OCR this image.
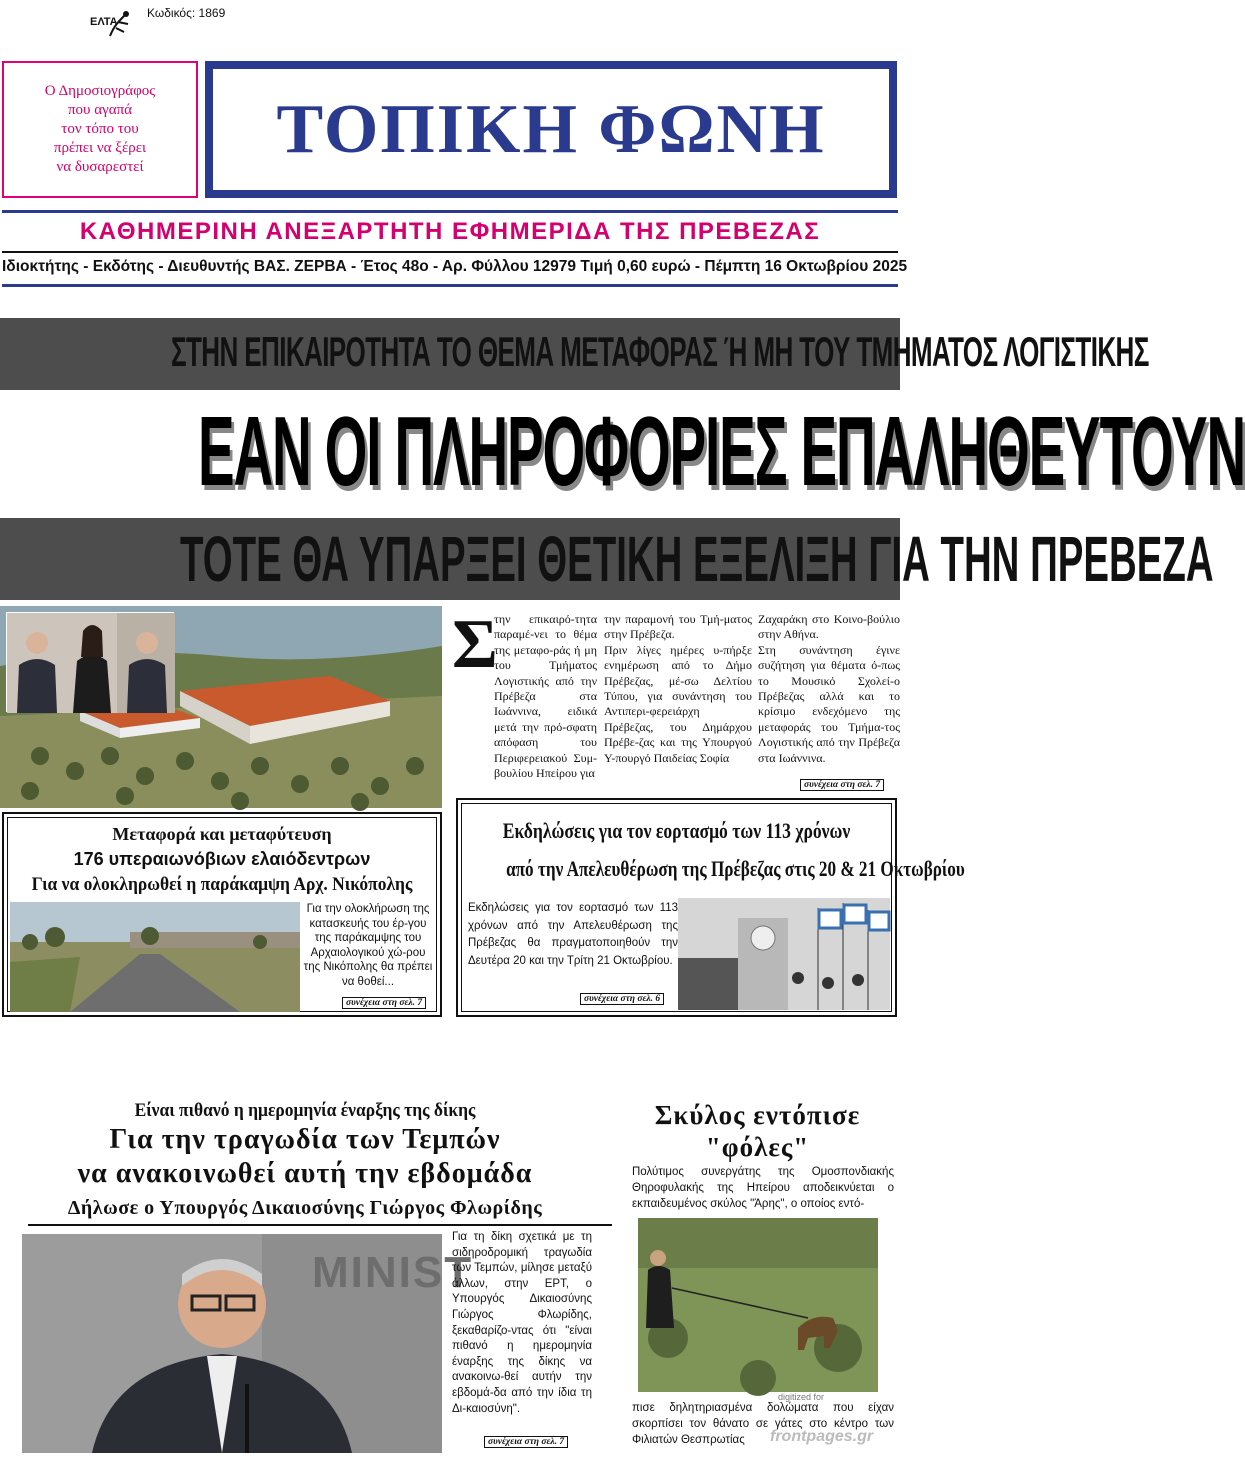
ΕΛΤΑ
Κωδικός: 1869
Ο Δημοσιογράφος
που αγαπά
τον τόπο του
πρέπει να ξέρει
να δυσαρεστεί ΤΟΠΙΚΗ ΦΩΝΗ
ΚΑΘΗΜΕΡΙΝΗ ΑΝΕΞΑΡΤΗΤΗ ΕΦΗΜΕΡΙΔΑ ΤΗΣ ΠΡΕΒΕΖΑΣ
Ιδιοκτήτης - Εκδότης - Διευθυντής ΒΑΣ. ΖΕΡΒΑ - Έτος 48ο - Αρ. Φύλλου 12979 Τιμή 0,60 ευρώ - Πέμπτη 16 Οκτωβρίου 2025
ΣΤΗΝ ΕΠΙΚΑΙΡΟΤΗΤΑ ΤΟ ΘΕΜΑ ΜΕΤΑΦΟΡΑΣ Ή ΜΗ ΤΟΥ ΤΜΗΜΑΤΟΣ ΛΟΓΙΣΤΙΚΗΣ
ΕΑΝ ΟΙ ΠΛΗΡΟΦΟΡΙΕΣ ΕΠΑΛΗΘΕΥΤΟΥΝ
ΤΟΤΕ ΘΑ ΥΠΑΡΞΕΙ ΘΕΤΙΚΗ ΕΞΕΛΙΞΗ ΓΙΑ ΤΗΝ ΠΡΕΒΕΖΑ
Σ
την επικαιρό-τητα παραμέ-νει το θέμα της μεταφο-ράς ή μη του Τμήματος Λογιστικής από την Πρέβεζα στα Ιωάννινα, ειδικά μετά την πρό-σφατη απόφαση του Περιφερειακού Συμ-βουλίου Ηπείρου για
την παραμονή του Τμή-ματος στην Πρέβεζα.
Πριν λίγες ημέρες υ-πήρξε ενημέρωση από το Δήμο Πρέβεζας, μέ-σω Δελτίου Τύπου, για συνάντηση του Αντιπερι-φερειάρχη Πρέβεζας, του Δημάρχου Πρέβε-ζας και της Υπουργού Υ-πουργό Παιδείας Σοφία
Ζαχαράκη στο Κοινο-βούλιο στην Αθήνα.
Στη συνάντηση έγινε συζήτηση για θέματα ό-πως το Μουσικό Σχολεί-ο Πρέβεζας αλλά και το κρίσιμο ενδεχόμενο της μεταφοράς του Τμήμα-τος Λογιστικής από την Πρέβεζα στα Ιωάννινα.
συνέχεια στη σελ. 7
Μεταφορά και μεταφύτευση
176 υπεραιωνόβιων ελαιόδεντρων
Για να ολοκληρωθεί η παράκαμψη Αρχ. Νικόπολης
Για την ολοκλήρωση της κατασκευής του έρ-γου της παράκαμψης του Αρχαιολογικού χώ-ρου της Νικόπολης θα πρέπει να θοθεί...
συνέχεια στη σελ. 7
Εκδηλώσεις για τον εορτασμό των 113 χρόνων
από την Απελευθέρωση της Πρέβεζας στις 20 & 21 Οκτωβρίου
Εκδηλώσεις για τον εορτασμό των 113 χρόνων από την Απελευθέρωση της Πρέβεζας θα πραγματοποιηθούν την Δευτέρα 20 και την Τρίτη 21 Οκτωβρίου.
συνέχεια στη σελ. 6
Είναι πιθανό η ημερομηνία έναρξης της δίκης
Για την τραγωδία των Τεμπών
να ανακοινωθεί αυτή την εβδομάδα
Δήλωσε ο Υπουργός Δικαιοσύνης Γιώργος Φλωρίδης
MINIST
Για τη δίκη σχετικά με τη σιδηροδρομική τραγωδία των Τεμπών, μίλησε μεταξύ άλλων, στην ΕΡΤ, ο Υπουργός Δικαιοσύνης Γιώργος Φλωρίδης, ξεκαθαρίζο-ντας ότι "είναι πιθανό η ημερομηνία έναρξης της δίκης να ανακοινω-θεί αυτήν την εβδομά-δα από την ίδια τη Δι-καιοσύνη".
συνέχεια στη σελ. 7
Σκύλος εντόπισε
"φόλες"
Πολύτιμος συνεργάτης της Ομοσπονδιακής Θηροφυλακής της Ηπείρου αποδεικνύεται ο εκπαιδευμένος σκύλος "Άρης", ο οποίος εντό-
πισε δηλητηριασμένα δολώματα που είχαν σκορπίσει τον θάνατο σε γάτες στο κέντρο των Φιλιατών Θεσπρωτίας
digitized for
frontpages.gr
